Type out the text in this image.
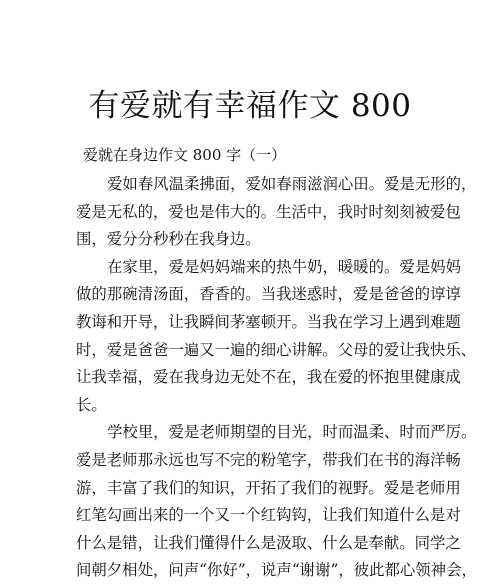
有爱就有幸福作文 800
爱就在身边作文 800 字（一）
爱如春风温柔拂面，爱如春雨滋润心田。爱是无形的，
爱是无私的，爱也是伟大的。生活中，我时时刻刻被爱包
围，爱分分秒秒在我身边。
在家里，爱是妈妈端来的热牛奶，暖暖的。爱是妈妈
做的那碗清汤面，香香的。当我迷惑时，爱是爸爸的谆谆
教诲和开导，让我瞬间茅塞顿开。当我在学习上遇到难题
时，爱是爸爸一遍又一遍的细心讲解。父母的爱让我快乐、
让我幸福，爱在我身边无处不在，我在爱的怀抱里健康成
长。
学校里，爱是老师期望的目光，时而温柔、时而严厉。
爱是老师那永远也写不完的粉笔字，带我们在书的海洋畅
游，丰富了我们的知识，开拓了我们的视野。爱是老师用
红笔勾画出来的一个又一个红钩钩，让我们知道什么是对
什么是错，让我们懂得什么是汲取、什么是奉献。同学之
间朝夕相处，问声“你好”，说声“谢谢”，彼此都心领神会，
